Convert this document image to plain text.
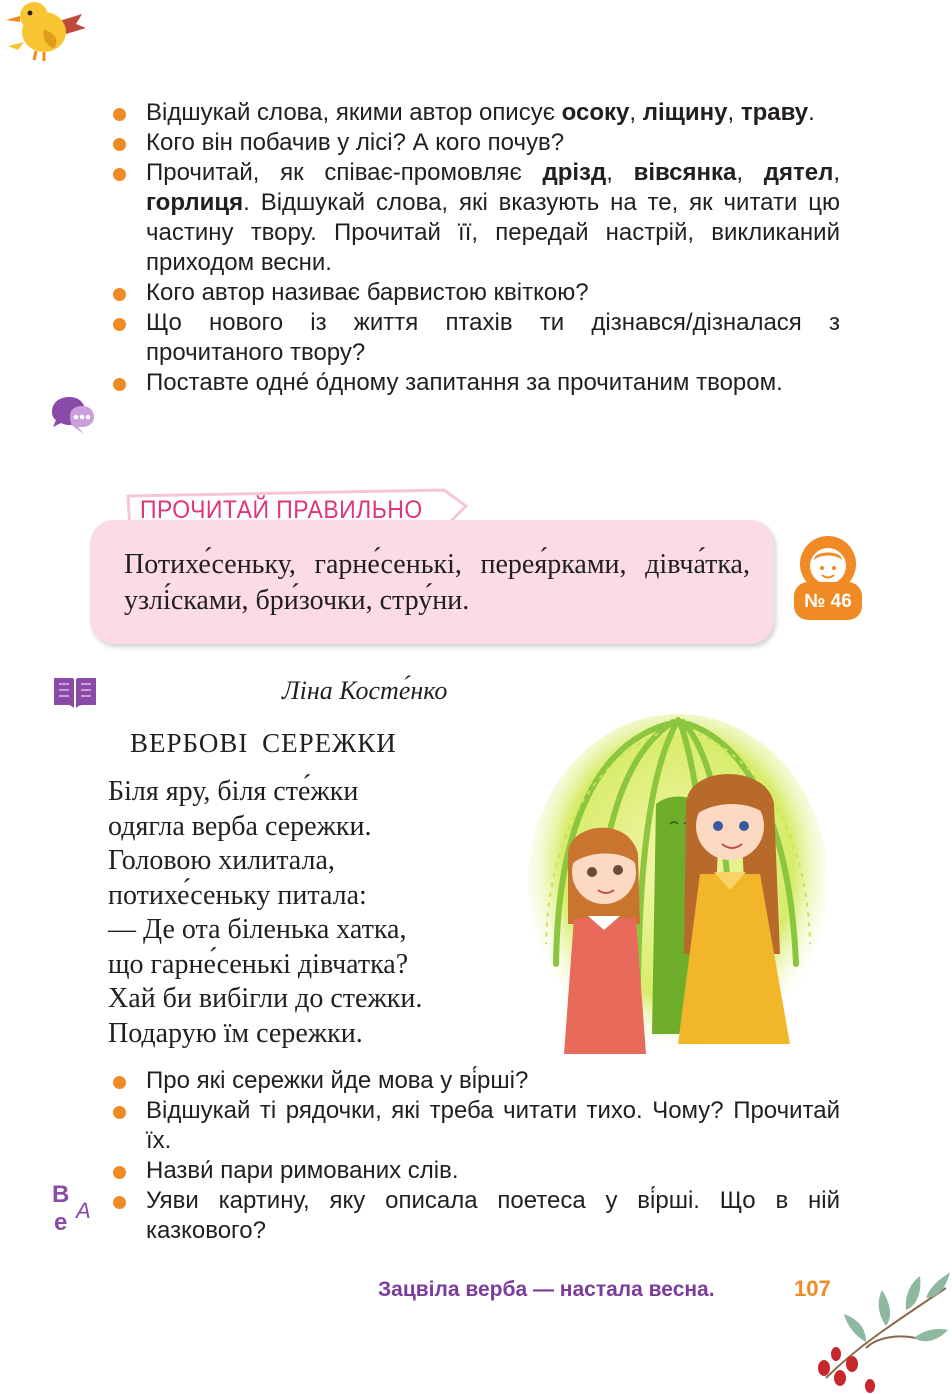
Відшукай слова, якими автор описує осоку, ліщину, траву.
Кого він побачив у лісі? А кого почув?
Прочитай, як співає-промовляє дрізд, вівсянка, дятел, горлиця. Відшукай слова, які вказують на те, як читати цю частину твору. Прочитай її, передай настрій, викликаний приходом весни.
Кого автор називає барвистою квіткою?
Що нового із життя птахів ти дізнався/дізналася з прочитаного твору?
Поставте одне́ о́дному запитання за прочитаним твором.
ПРОЧИТАЙ ПРАВИЛЬНО
Потихе́сеньку, гарне́сенькі, перея́рками, дівча́тка, узлі́сками, бри́зочки, стру́ни.	№ 46
Ліна Косте́нко
ВЕРБОВІ СЕРЕЖКИ
Біля яру, біля сте́жки
одягла верба сережки.
Головою хилитала,
потихе́сеньку питала:
— Де ота біленька хатка,
що гарне́сенькі дівчатка?
Хай би вибігли до стежки.
Подарую їм сережки.
Про які сережки йде мова у ві́рші?
Відшукай ті рядочки, які треба читати тихо. Чому? Прочитай їх.
Назви́ пари римованих слів.
Уяви картину, яку описала поетеса у ві́рші. Що в ній казкового?
В
е А
Зацвіла верба — настала весна.	107
